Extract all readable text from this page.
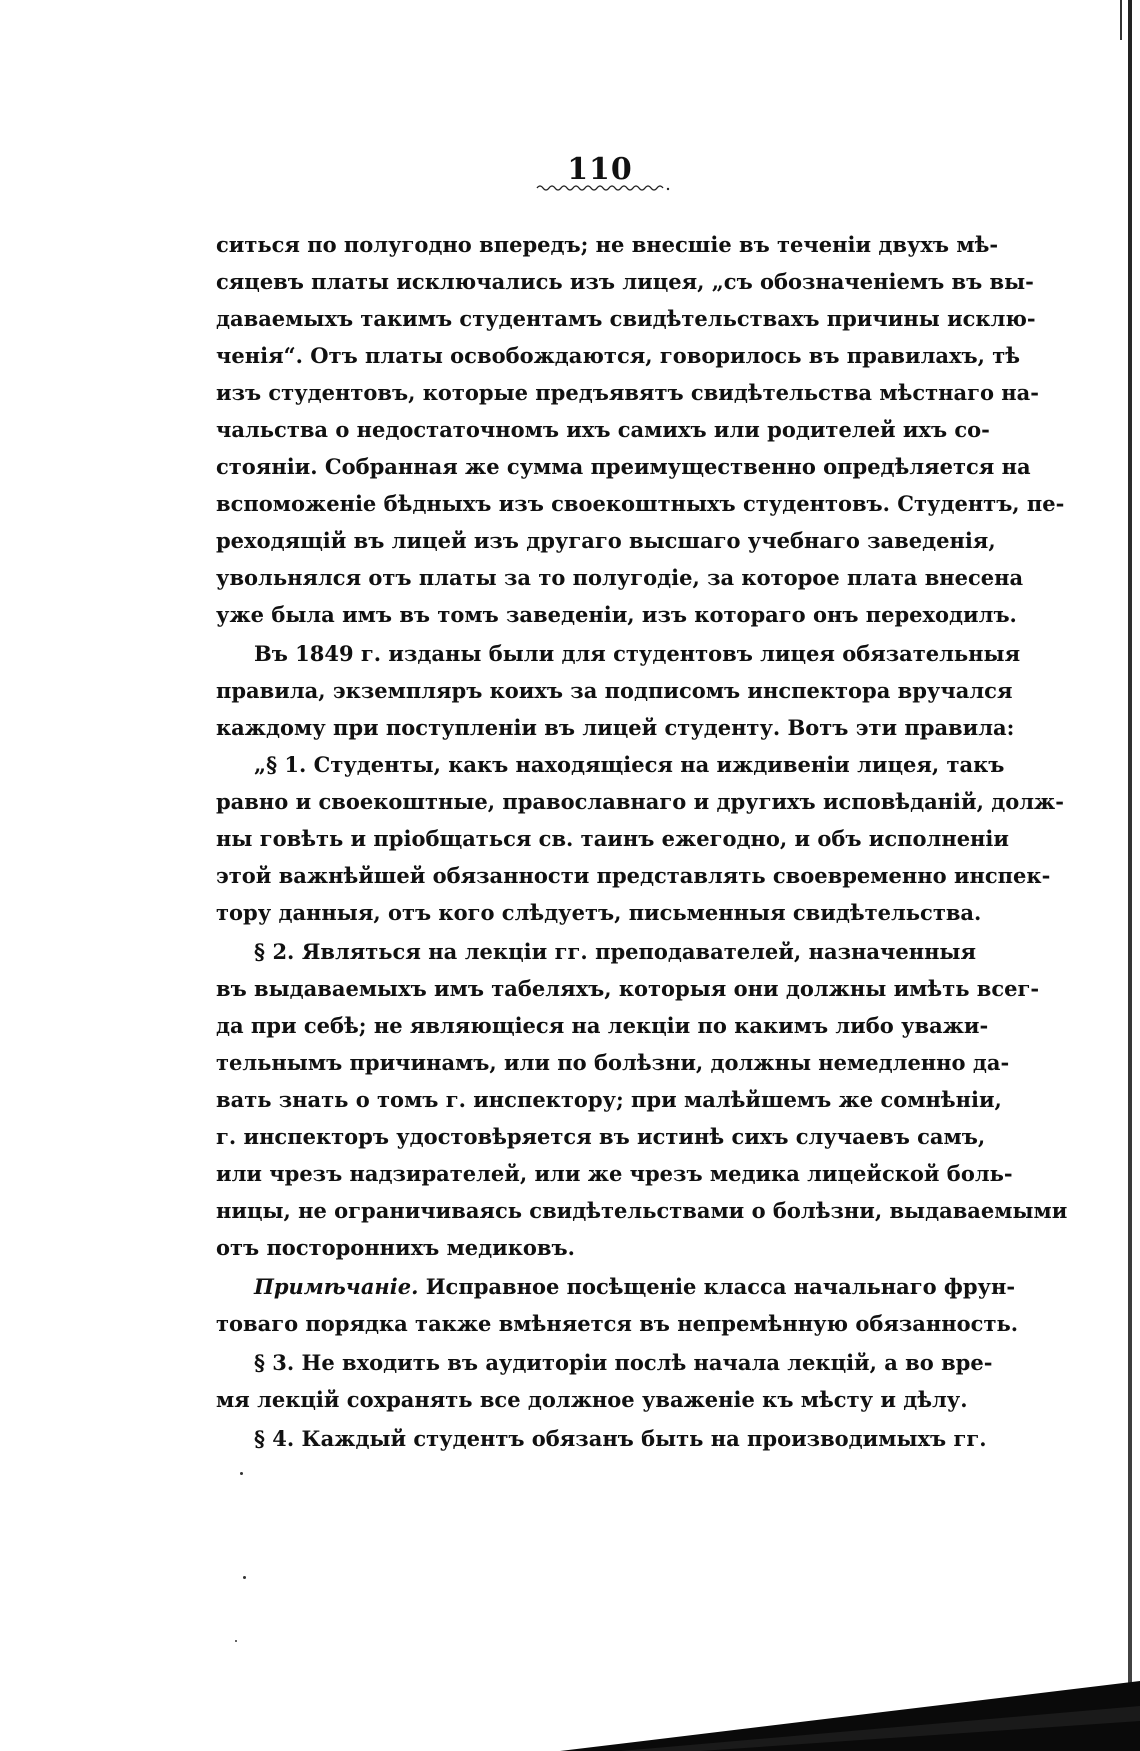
110
ситься по полугодно впередъ; не внесшіе въ теченіи двухъ мѣ-
сяцевъ платы исключались изъ лицея, „съ обозначеніемъ въ вы-
даваемыхъ такимъ студентамъ свидѣтельствахъ причины исклю-
ченія“. Отъ платы освобождаются, говорилось въ правилахъ, тѣ
изъ студентовъ, которые предъявятъ свидѣтельства мѣстнаго на-
чальства о недостаточномъ ихъ самихъ или родителей ихъ со-
стояніи. Собранная же сумма преимущественно опредѣляется на
вспоможеніе бѣдныхъ изъ своекоштныхъ студентовъ. Студентъ, пе-
реходящій въ лицей изъ другаго высшаго учебнаго заведенія,
увольнялся отъ платы за то полугодіе, за которое плата внесена
уже была имъ въ томъ заведеніи, изъ котораго онъ переходилъ.
Въ 1849 г. изданы были для студентовъ лицея обязательныя
правила, экземпляръ коихъ за подписомъ инспектора вручался
каждому при поступленіи въ лицей студенту. Вотъ эти правила:
„§ 1. Студенты, какъ находящіеся на иждивеніи лицея, такъ
равно и своекоштные, православнаго и другихъ исповѣданій, долж-
ны говѣть и пріобщаться св. таинъ ежегодно, и объ исполненіи
этой важнѣйшей обязанности представлять своевременно инспек-
тору данныя, отъ кого слѣдуетъ, письменныя свидѣтельства.
§ 2. Являться на лекціи гг. преподавателей, назначенныя
въ выдаваемыхъ имъ табеляхъ, которыя они должны имѣть всег-
да при себѣ; не являющіеся на лекціи по какимъ либо уважи-
тельнымъ причинамъ, или по болѣзни, должны немедленно да-
вать знать о томъ г. инспектору; при малѣйшемъ же сомнѣніи,
г. инспекторъ удостовѣряется въ истинѣ сихъ случаевъ самъ,
или чрезъ надзирателей, или же чрезъ медика лицейской боль-
ницы, не ограничиваясь свидѣтельствами о болѣзни, выдаваемыми
отъ постороннихъ медиковъ.
Примѣчаніе. Исправное посѣщеніе класса начальнаго фрун-
товаго порядка также вмѣняется въ непремѣнную обязанность.
§ 3. Не входить въ аудиторіи послѣ начала лекцій, а во вре-
мя лекцій сохранять все должное уваженіе къ мѣсту и дѣлу.
§ 4. Каждый студентъ обязанъ быть на производимыхъ гг.
